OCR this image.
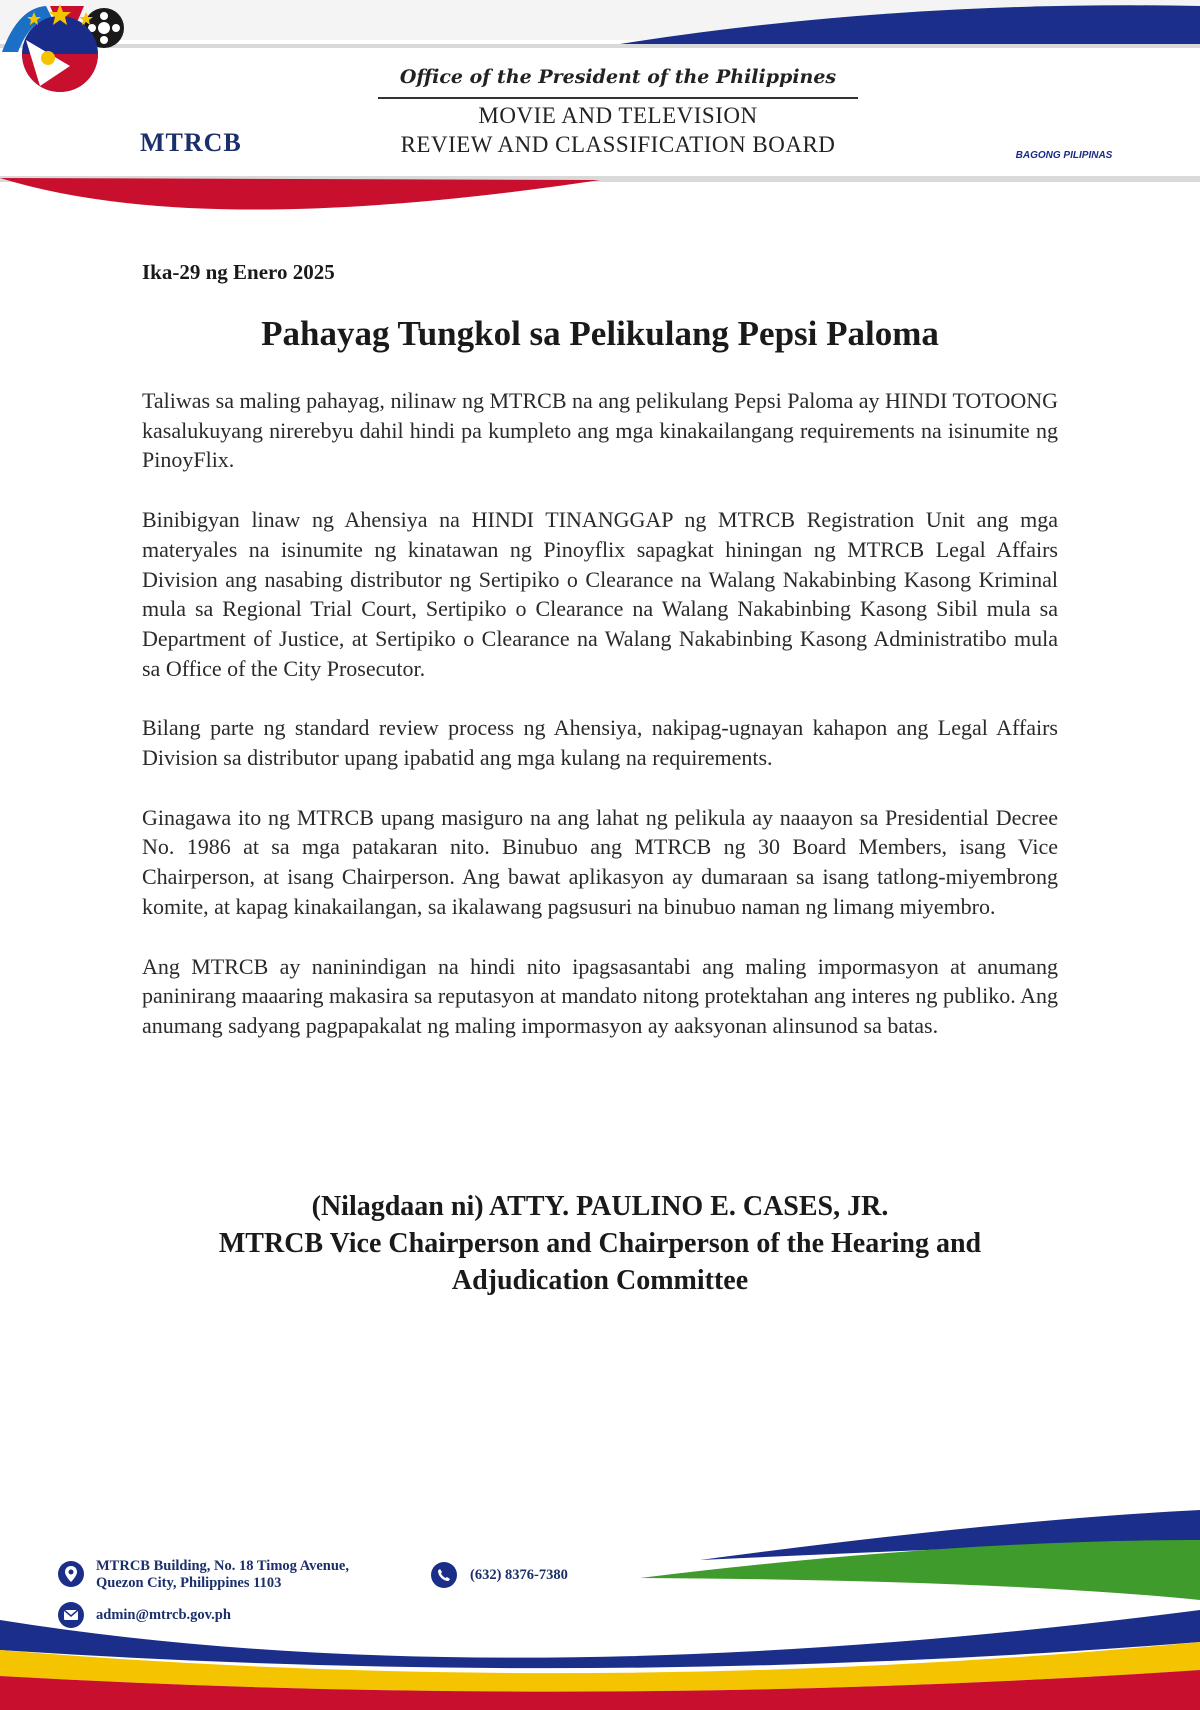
MTRCB
Office of the President of the Philippines
MOVIE AND TELEVISION
REVIEW AND CLASSIFICATION BOARD	BAGONG PILIPINAS
Ika-29 ng Enero 2025
Pahayag Tungkol sa Pelikulang Pepsi Paloma

Taliwas sa maling pahayag, nilinaw ng MTRCB na ang pelikulang Pepsi Paloma ay HINDI TOTOONG kasalukuyang nirerebyu dahil hindi pa kumpleto ang mga kinakailangang requirements na isinumite ng PinoyFlix.

Binibigyan linaw ng Ahensiya na HINDI TINANGGAP ng MTRCB Registration Unit ang mga materyales na isinumite ng kinatawan ng Pinoyflix sapagkat hiningan ng MTRCB Legal Affairs Division ang nasabing distributor ng Sertipiko o Clearance na Walang Nakabinbing Kasong Kriminal mula sa Regional Trial Court, Sertipiko o Clearance na Walang Nakabinbing Kasong Sibil mula sa Department of Justice, at Sertipiko o Clearance na Walang Nakabinbing Kasong Administratibo mula sa Office of the City Prosecutor.

Bilang parte ng standard review process ng Ahensiya, nakipag-ugnayan kahapon ang Legal Affairs Division sa distributor upang ipabatid ang mga kulang na requirements.

Ginagawa ito ng MTRCB upang masiguro na ang lahat ng pelikula ay naaayon sa Presidential Decree No. 1986 at sa mga patakaran nito. Binubuo ang MTRCB ng 30 Board Members, isang Vice Chairperson, at isang Chairperson. Ang bawat aplikasyon ay dumaraan sa isang tatlong-miyembrong komite, at kapag kinakailangan, sa ikalawang pagsusuri na binubuo naman ng limang miyembro.

Ang MTRCB ay naninindigan na hindi nito ipagsasantabi ang maling impormasyon at anumang paninirang maaaring makasira sa reputasyon at mandato nitong protektahan ang interes ng publiko. Ang anumang sadyang pagpapakalat ng maling impormasyon ay aaksyonan alinsunod sa batas.

(Nilagdaan ni) ATTY. PAULINO E. CASES, JR.
MTRCB Vice Chairperson and Chairperson of the Hearing and
Adjudication Committee
MTRCB Building, No. 18 Timog Avenue,
Quezon City, Philippines 1103	(632) 8376-7380
admin@mtrcb.gov.ph
